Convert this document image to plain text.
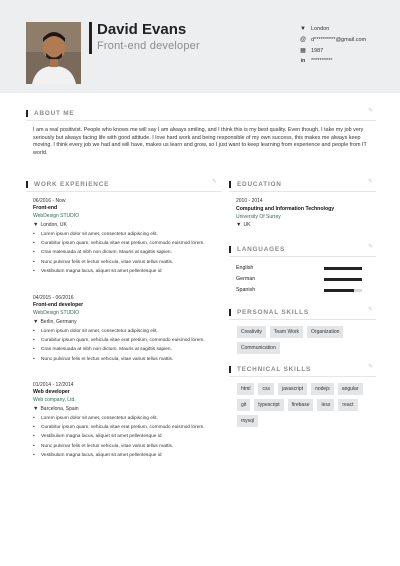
David Evans
Front-end developer
▼ London
@ d**********@gmail.com
▦ 1987
in	**********
ABOUT ME	✎
I am a real positivist. People who knows me will say I am always smiling, and I think this is my best quality. Even though, I take my job very seriously but always facing life with good attitude. I love hard work and being responsible of my own success, this makes me always keep moving. I think every job we had and will have, makes us learn and grow, so I just want to keep learning from experience and people from IT world.
WORK EXPERIENCE	✎
06/2016 - Now
Front-end
WebDesign STUDIO
▼ London, UK
• Lorem ipsum dolor sit amet, consectetur adipiscing elit.
• Curabitur ipsum quam, vehicula vitae erat pretium, commodo euismod lorem.
• Cras malesuada at nibh non dictum. Mauris at sagittis sapien.
• Nunc pulvinar felis et lectus vehicula, vitae varius tellus mattis.
• Vestibulum magna lacus, aliquet sit amet pellentesque id
04/2015 - 06/2016
Front-end developer
WebDesign STUDIO
▼ Berlin, Germany
• Lorem ipsum dolor sit amet, consectetur adipiscing elit.
• Curabitur ipsum quam, vehicula vitae erat pretium, commodo euismod lorem.
• Cras malesuada at nibh non dictum. Mauris at sagittis sapien.
• Nunc pulvinar felis et lectus vehicula, vitae varius tellus mattis.
01/2014 - 12/2014
Web developer
Web company, Ltd.
▼ Barcelona, Spain
• Lorem ipsum dolor sit amet, consectetur adipiscing elit.
• Curabitur ipsum quam, vehicula vitae erat pretium, commodo euismod lorem.
• Vestibulum magna lacus, aliquet sit amet pellentesque id
• Nunc pulvinar felis et lectus vehicula, vitae varius tellus mattis.
• Vestibulum magna lacus, aliquet sit amet pellentesque id
EDUCATION	✎
2010 - 2014
Computing and Information Technology
University Of Surrey
▼ UK
LANGUAGES	✎
English
German
Spanish
PERSONAL SKILLS	✎
Creativity	Team Work	Organization
Communication
TECHNICAL SKILLS	✎
html	css	javascript	nodejs	angular
git	typescript	firebase	less	react
mysql
